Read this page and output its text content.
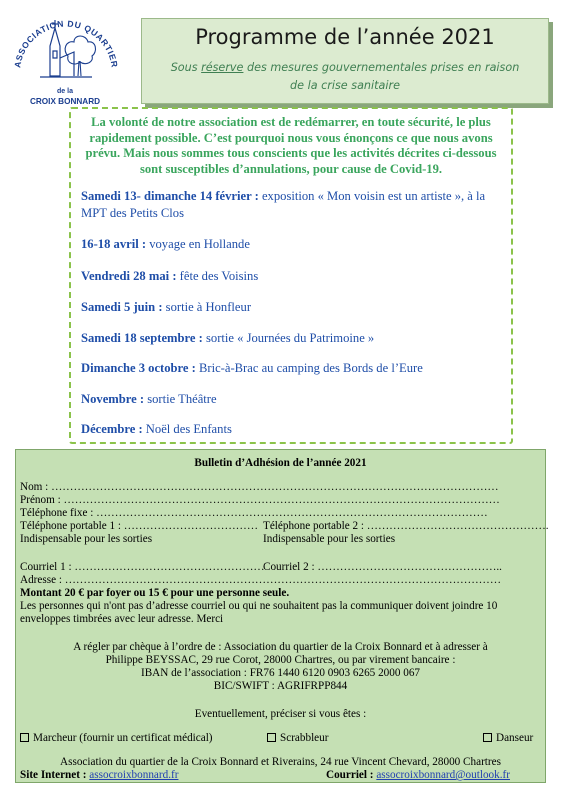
ASSOCIATION DU QUARTIER
de la
CROIX BONNARD
Programme de l’année 2021
Sous réserve des mesures gouvernementales prises en raison
de la crise sanitaire
La volonté de notre association est de redémarrer, en toute sécurité, le plus rapidement possible. C’est pourquoi nous vous énonçons ce que nous avons prévu. Mais nous sommes tous conscients que les activités décrites ci-dessous sont susceptibles d’annulations, pour cause de Covid-19.

Samedi 13- dimanche 14 février : exposition « Mon voisin est un artiste », à la MPT des Petits Clos

16-18 avril : voyage en Hollande

Vendredi 28 mai : fête des Voisins

Samedi 5 juin : sortie à Honfleur

Samedi 18 septembre : sortie « Journées du Patrimoine »

Dimanche 3 octobre : Bric-à-Brac au camping des Bords de l’Eure

Novembre : sortie Théâtre

Décembre : Noël des Enfants

Bulletin d’Adhésion de l’année 2021
Nom : …………………………………………………………………………………………………………
Prénom : ………………………………………………………………………………………………………
Téléphone fixe : ……………………………………………………………………………………………
Téléphone portable 1 : ……………………………… Téléphone portable 2 : ………………………………………….
Indispensable pour les sorties	Indispensable pour les sorties
Courriel 1 : ……………………………………………
Courriel 2 : …………………………………………..
Adresse : ………………………………………………………………………………………………………
Montant 20 € par foyer ou 15 € pour une personne seule.
Les personnes qui n'ont pas d’adresse courriel ou qui ne souhaitent pas la communiquer doivent joindre 10
enveloppes timbrées avec leur adresse. Merci
A régler par chèque à l’ordre de : Association du quartier de la Croix Bonnard et à adresser à
Philippe BEYSSAC, 29 rue Corot, 28000 Chartres, ou par virement bancaire :
IBAN de l’association : FR76 1440 6120 0903 6265 2000 067
BIC/SWIFT : AGRIFRPP844
Eventuellement, préciser si vous êtes :
Marcheur (fournir un certificat médical)	Scrabbleur	Danseur
Association du quartier de la Croix Bonnard et Riverains, 24 rue Vincent Chevard, 28000 Chartres
Site Internet : assocroixbonnard.fr	Courriel : assocroixbonnard@outlook.fr
